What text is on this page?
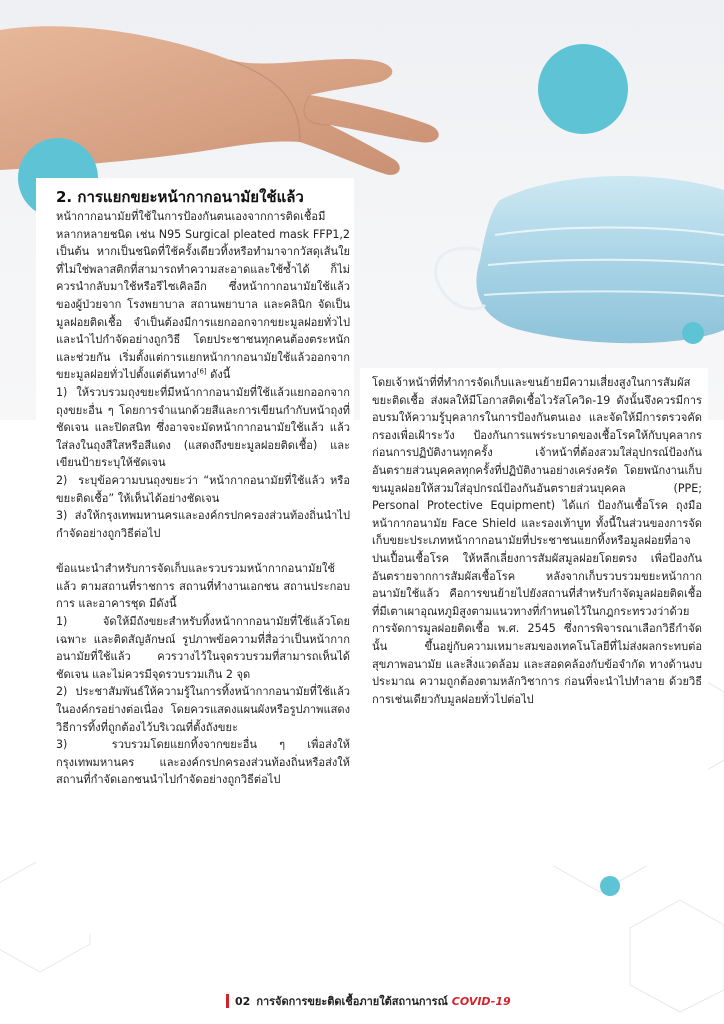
2. การแยกขยะหน้ากากอนามัยใช้แล้ว

หน้ากากอนามัยที่ใช้ในการป้องกันตนเองจากการติดเชื้อมีหลากหลายชนิด เช่น N95 Surgical pleated mask FFP1,2 เป็นต้น หากเป็นชนิดที่ใช้ครั้งเดียวทิ้งหรือทำมาจากวัสดุเส้นใยที่ไม่ใช่พลาสติกที่สามารถทำความสะอาดและใช้ซ้ำได้ ก็ไม่ควรนำกลับมาใช้หรือรีไซเคิลอีก ซึ่งหน้ากากอนามัยใช้แล้วของผู้ป่วยจาก โรงพยาบาล สถานพยาบาล และคลินิก จัดเป็นมูลฝอยติดเชื้อ จำเป็นต้องมีการแยกออกจากขยะมูลฝอยทั่วไป และนำไปกำจัดอย่างถูกวิธี โดยประชาชนทุกคนต้องตระหนักและช่วยกัน เริ่มตั้งแต่การแยกหน้ากากอนามัยใช้แล้วออกจากขยะมูลฝอยทั่วไปตั้งแต่ต้นทาง[6] ดังนี้

1)  ให้รวบรวมถุงขยะที่มีหน้ากากอนามัยที่ใช้แล้วแยกออกจากถุงขยะอื่น ๆ โดยการจำแนกด้วยสีและการเขียนกำกับหน้าถุงที่ชัดเจน และปิดสนิท ซึ่งอาจจะมัดหน้ากากอนามัยใช้แล้ว แล้วใส่ลงในถุงสีใสหรือสีแดง (แสดงถึงขยะมูลฝอยติดเชื้อ) และเขียนป้ายระบุให้ชัดเจน

2)  ระบุข้อความบนถุงขยะว่า “หน้ากากอนามัยที่ใช้แล้ว หรือ ขยะติดเชื้อ” ให้เห็นได้อย่างชัดเจน

3)  ส่งให้กรุงเทพมหานครและองค์กรปกครองส่วนท้องถิ่นนำไปกำจัดอย่างถูกวิธีต่อไป

ข้อแนะนำสำหรับการจัดเก็บและรวบรวมหน้ากากอนามัยใช้แล้ว ตามสถานที่ราชการ สถานที่ทำงานเอกชน สถานประกอบการ และอาคารชุด มีดังนี้

1)  จัดให้มีถังขยะสำหรับทิ้งหน้ากากอนามัยที่ใช้แล้วโดยเฉพาะ และติดสัญลักษณ์ รูปภาพข้อความที่สื่อว่าเป็นหน้ากากอนามัยที่ใช้แล้ว ควรวางไว้ในจุดรวบรวมที่สามารถเห็นได้ชัดเจน และไม่ควรมีจุดรวบรวมเกิน 2 จุด

2)  ประชาสัมพันธ์ให้ความรู้ในการทิ้งหน้ากากอนามัยที่ใช้แล้วในองค์กรอย่างต่อเนื่อง โดยควรแสดงแผนผังหรือรูปภาพแสดงวิธีการทิ้งที่ถูกต้องไว้บริเวณที่ตั้งถังขยะ

3)  รวบรวมโดยแยกทิ้งจากขยะอื่น ๆ เพื่อส่งให้กรุงเทพมหานคร และองค์กรปกครองส่วนท้องถิ่นหรือส่งให้สถานที่กำจัดเอกชนนำไปกำจัดอย่างถูกวิธีต่อไป

โดยเจ้าหน้าที่ที่ทำการจัดเก็บและขนย้ายมีความเสี่ยงสูงในการสัมผัสขยะติดเชื้อ ส่งผลให้มีโอกาสติดเชื้อไวรัสโควิด-19 ดังนั้นจึงควรมีการอบรมให้ความรู้บุคลากรในการป้องกันตนเอง และจัดให้มีการตรวจคัดกรองเพื่อเฝ้าระวัง ป้องกันการแพร่ระบาดของเชื้อโรคให้กับบุคลากรก่อนการปฏิบัติงานทุกครั้ง เจ้าหน้าที่ต้องสวมใส่อุปกรณ์ป้องกันอันตรายส่วนบุคคลทุกครั้งที่ปฏิบัติงานอย่างเคร่งครัด โดยพนักงานเก็บขนมูลฝอยให้สวมใส่อุปกรณ์ป้องกันอันตรายส่วนบุคคล (PPE; Personal Protective Equipment) ได้แก่ ป้องกันเชื้อโรค ถุงมือ หน้ากากอนามัย Face Shield และรองเท้าบูท ทั้งนี้ในส่วนของการจัดเก็บขยะประเภทหน้ากากอนามัยที่ประชาชนแยกทิ้งหรือมูลฝอยที่อาจปนเปื้อนเชื้อโรค ให้หลีกเลี่ยงการสัมผัสมูลฝอยโดยตรง เพื่อป้องกันอันตรายจากการสัมผัสเชื้อโรค หลังจากเก็บรวบรวมขยะหน้ากากอนามัยใช้แล้ว คือการขนย้ายไปยังสถานที่สำหรับกำจัดมูลฝอยติดเชื้อที่มีเตาเผาอุณหภูมิสูงตามแนวทางที่กำหนดไว้ในกฎกระทรวงว่าด้วยการจัดการมูลฝอยติดเชื้อ พ.ศ. 2545 ซึ่งการพิจารณาเลือกวิธีกำจัดนั้น ขึ้นอยู่กับความเหมาะสมของเทคโนโลยีที่ไม่ส่งผลกระทบต่อสุขภาพอนามัย และสิ่งแวดล้อม และสอดคล้องกับข้อจำกัด ทางด้านงบประมาณ ความถูกต้องตามหลักวิชาการ ก่อนที่จะนำไปทำลาย ด้วยวิธีการเช่นเดียวกับมูลฝอยทั่วไปต่อไป

02 การจัดการขยะติดเชื้อภายใต้สถานการณ์ COVID-19
